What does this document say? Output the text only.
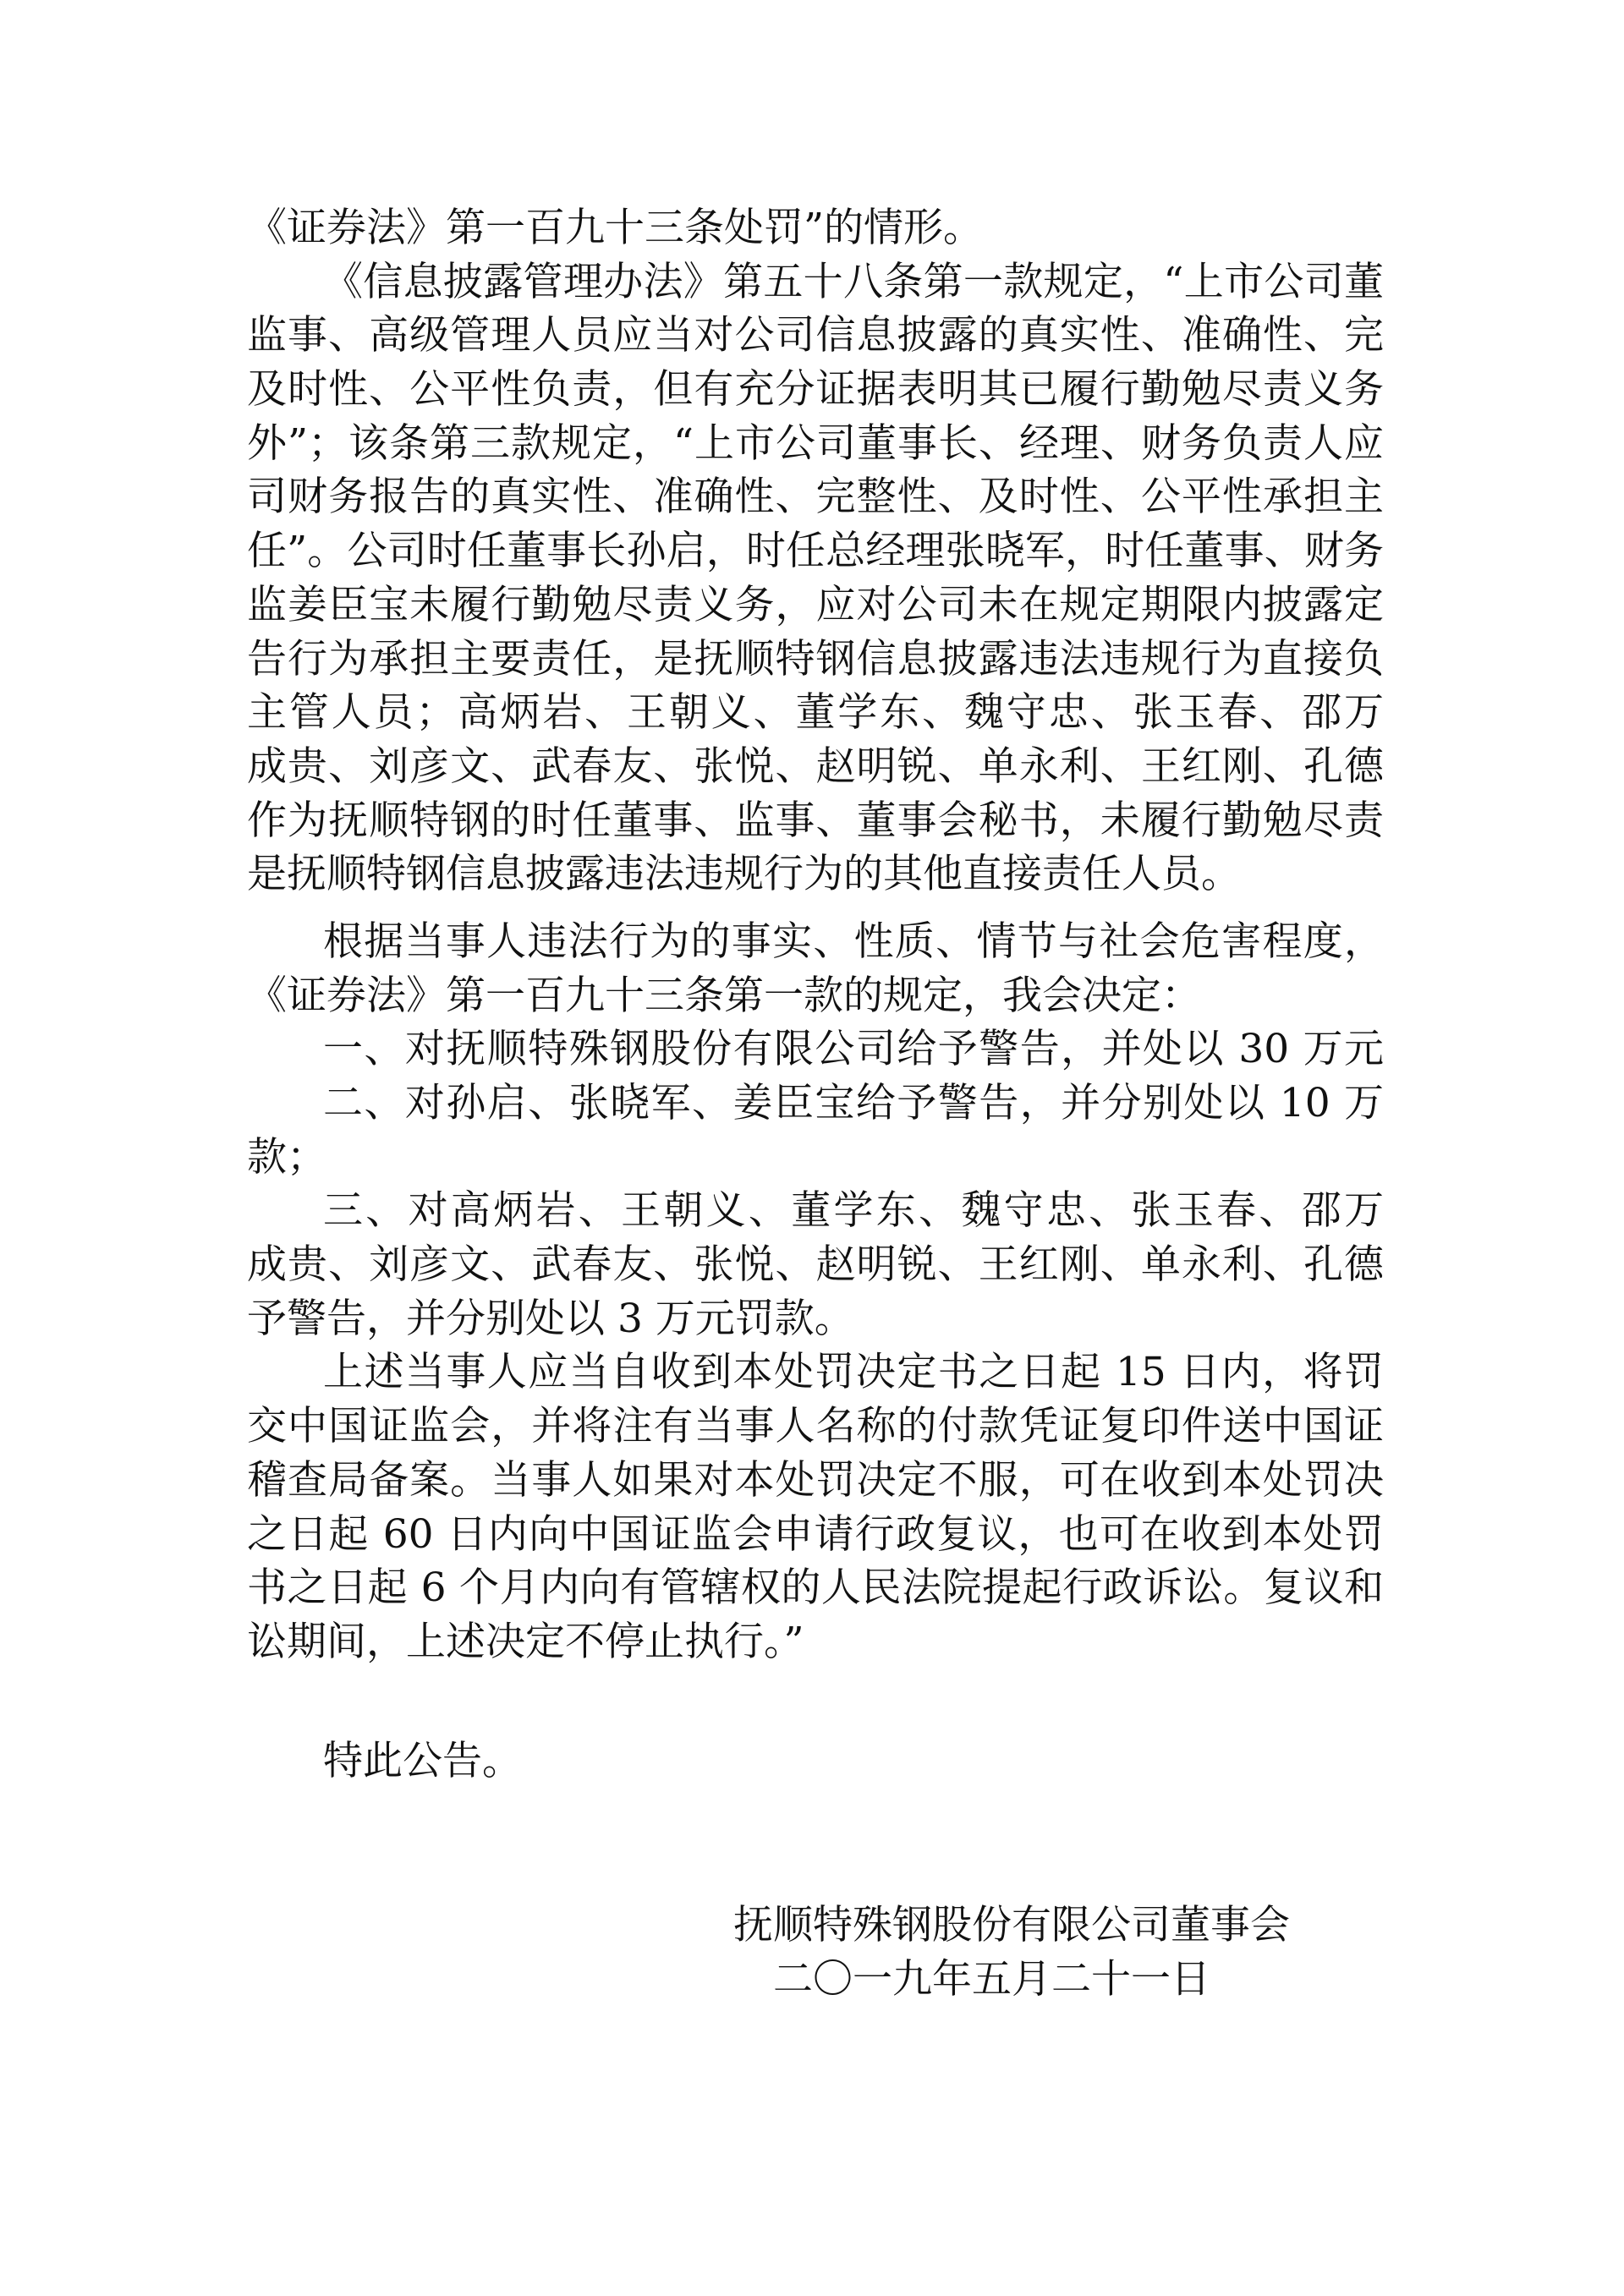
《证券法》第一百九十三条处罚”的情形。
《信息披露管理办法》第五十八条第一款规定，“上市公司董
监事、高级管理人员应当对公司信息披露的真实性、准确性、完
及时性、公平性负责，但有充分证据表明其已履行勤勉尽责义务
外”；该条第三款规定，“上市公司董事长、经理、财务负责人应
司财务报告的真实性、准确性、完整性、及时性、公平性承担主
任”。公司时任董事长孙启，时任总经理张晓军，时任董事、财务
监姜臣宝未履行勤勉尽责义务，应对公司未在规定期限内披露定
告行为承担主要责任，是抚顺特钢信息披露违法违规行为直接负
主管人员；高炳岩、王朝义、董学东、魏守忠、张玉春、邵万
成贵、刘彦文、武春友、张悦、赵明锐、单永利、王红刚、孔德
作为抚顺特钢的时任董事、监事、董事会秘书，未履行勤勉尽责
是抚顺特钢信息披露违法违规行为的其他直接责任人员。
根据当事人违法行为的事实、性质、情节与社会危害程度，
《证券法》第一百九十三条第一款的规定，我会决定：
一、对抚顺特殊钢股份有限公司给予警告，并处以 30 万元
二、对孙启、张晓军、姜臣宝给予警告，并分别处以 10 万
款；
三、对高炳岩、王朝义、董学东、魏守忠、张玉春、邵万
成贵、刘彦文、武春友、张悦、赵明锐、王红刚、单永利、孔德
予警告，并分别处以 3 万元罚款。
上述当事人应当自收到本处罚决定书之日起 15 日内，将罚
交中国证监会，并将注有当事人名称的付款凭证复印件送中国证
稽查局备案。当事人如果对本处罚决定不服，可在收到本处罚决
之日起 60 日内向中国证监会申请行政复议，也可在收到本处罚
书之日起 6 个月内向有管辖权的人民法院提起行政诉讼。复议和
讼期间，上述决定不停止执行。”
特此公告。
抚顺特殊钢股份有限公司董事会
二〇一九年五月二十一日
